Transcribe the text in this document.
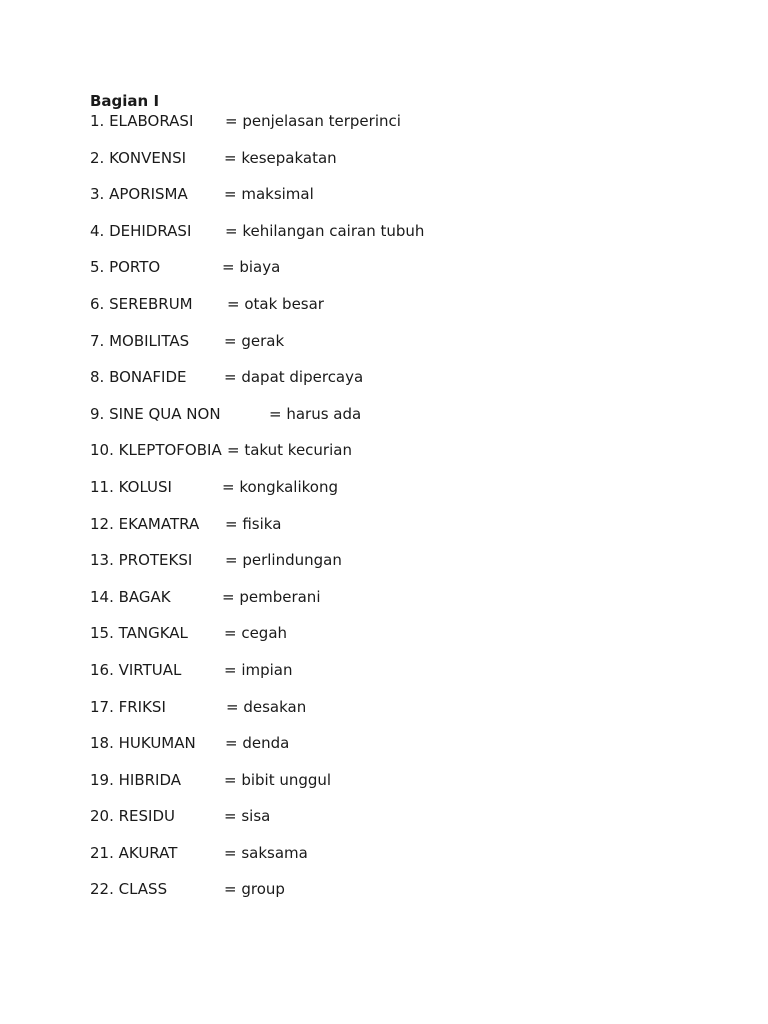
Bagian I
1. ELABORASI = penjelasan terperinci
2. KONVENSI	= kesepakatan
3. APORISMA = maksimal
4. DEHIDRASI = kehilangan cairan tubuh
5. PORTO	= biaya
6. SEREBRUM = otak besar
7. MOBILITAS = gerak
8. BONAFIDE	= dapat dipercaya
9. SINE QUA NON	= harus ada
10. KLEPTOFOBIA = takut kecurian
11. KOLUSI	= kongkalikong
12. EKAMATRA = fisika
13. PROTEKSI = perlindungan
14. BAGAK	= pemberani
15. TANGKAL = cegah
16. VIRTUAL	= impian
17. FRIKSI	= desakan
18. HUKUMAN = denda
19. HIBRIDA	= bibit unggul
20. RESIDU	= sisa
21. AKURAT	= saksama
22. CLASS	= group
